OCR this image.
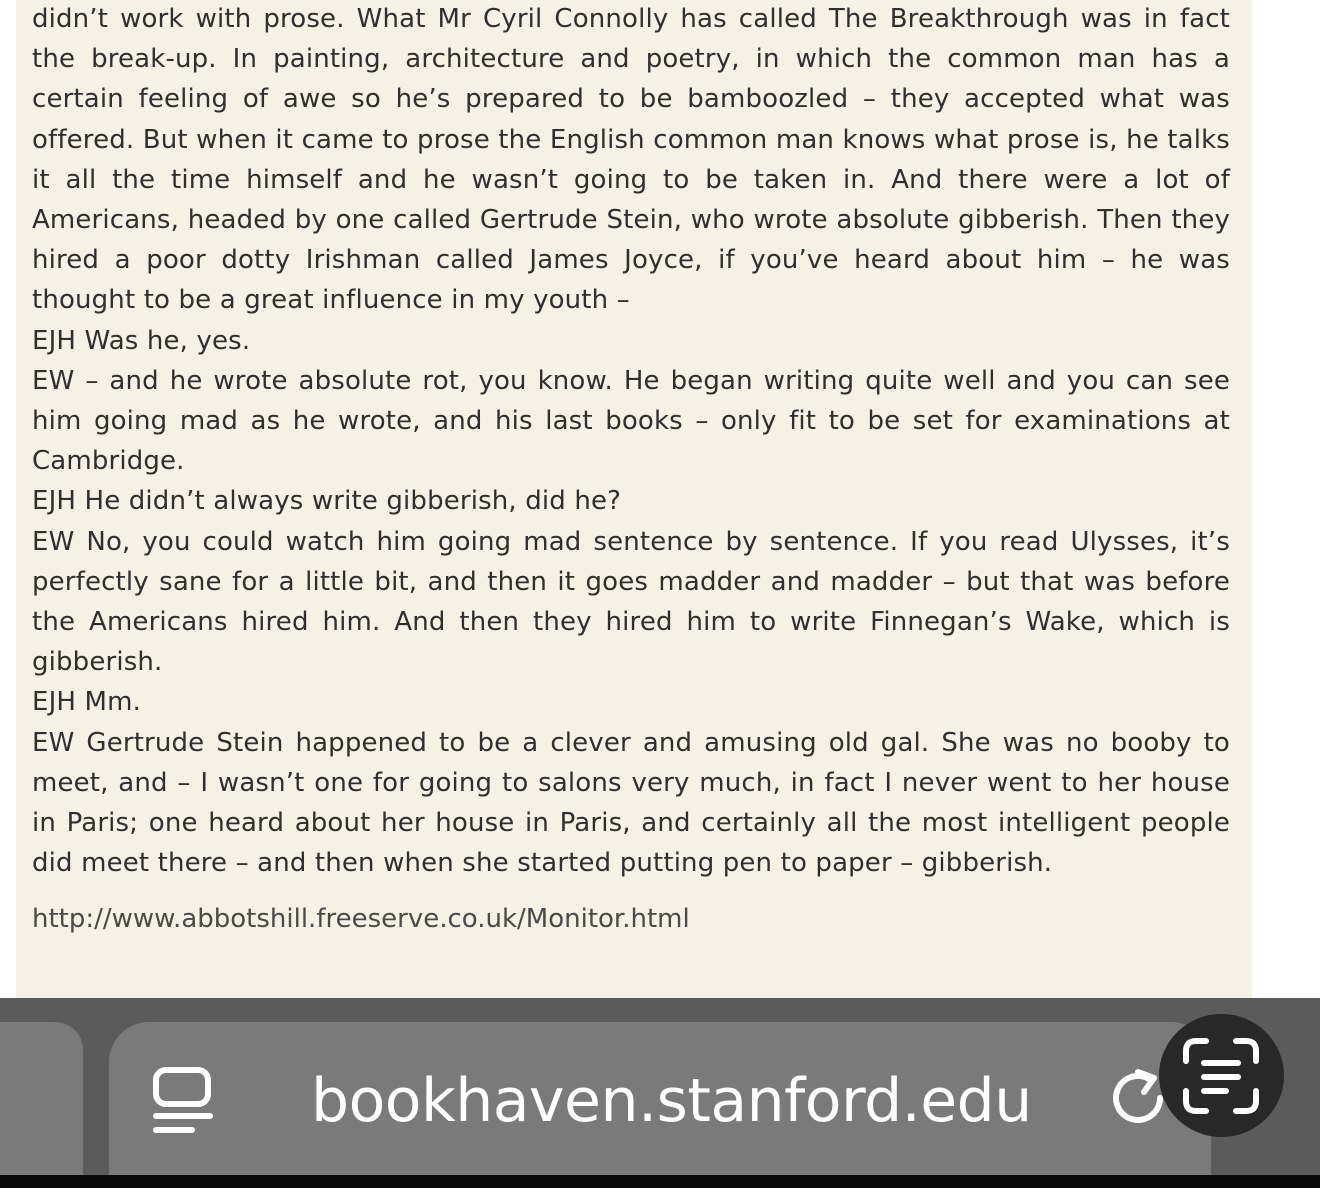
didn’t work with prose. What Mr Cyril Connolly has called The Breakthrough was in fact the break-up. In painting, architecture and poetry, in which the common man has a certain feeling of awe so he’s prepared to be bamboozled – they accepted what was offered. But when it came to prose the English common man knows what prose is, he talks it all the time himself and he wasn’t going to be taken in. And there were a lot of Americans, headed by one called Gertrude Stein, who wrote absolute gibberish. Then they hired a poor dotty Irishman called James Joyce, if you’ve heard about him – he was thought to be a great influence in my youth –

EJH Was he, yes.

EW – and he wrote absolute rot, you know. He began writing quite well and you can see him going mad as he wrote, and his last books – only fit to be set for examinations at Cambridge.

EJH He didn’t always write gibberish, did he?

EW No, you could watch him going mad sentence by sentence. If you read Ulysses, it’s perfectly sane for a little bit, and then it goes madder and madder – but that was before the Americans hired him. And then they hired him to write Finnegan’s Wake, which is gibberish.

EJH Mm.

EW Gertrude Stein happened to be a clever and amusing old gal. She was no booby to meet, and – I wasn’t one for going to salons very much, in fact I never went to her house in Paris; one heard about her house in Paris, and certainly all the most intelligent people did meet there – and then when she started putting pen to paper – gibberish.

http://www.abbotshill.freeserve.co.uk/Monitor.html
bookhaven.stanford.edu
